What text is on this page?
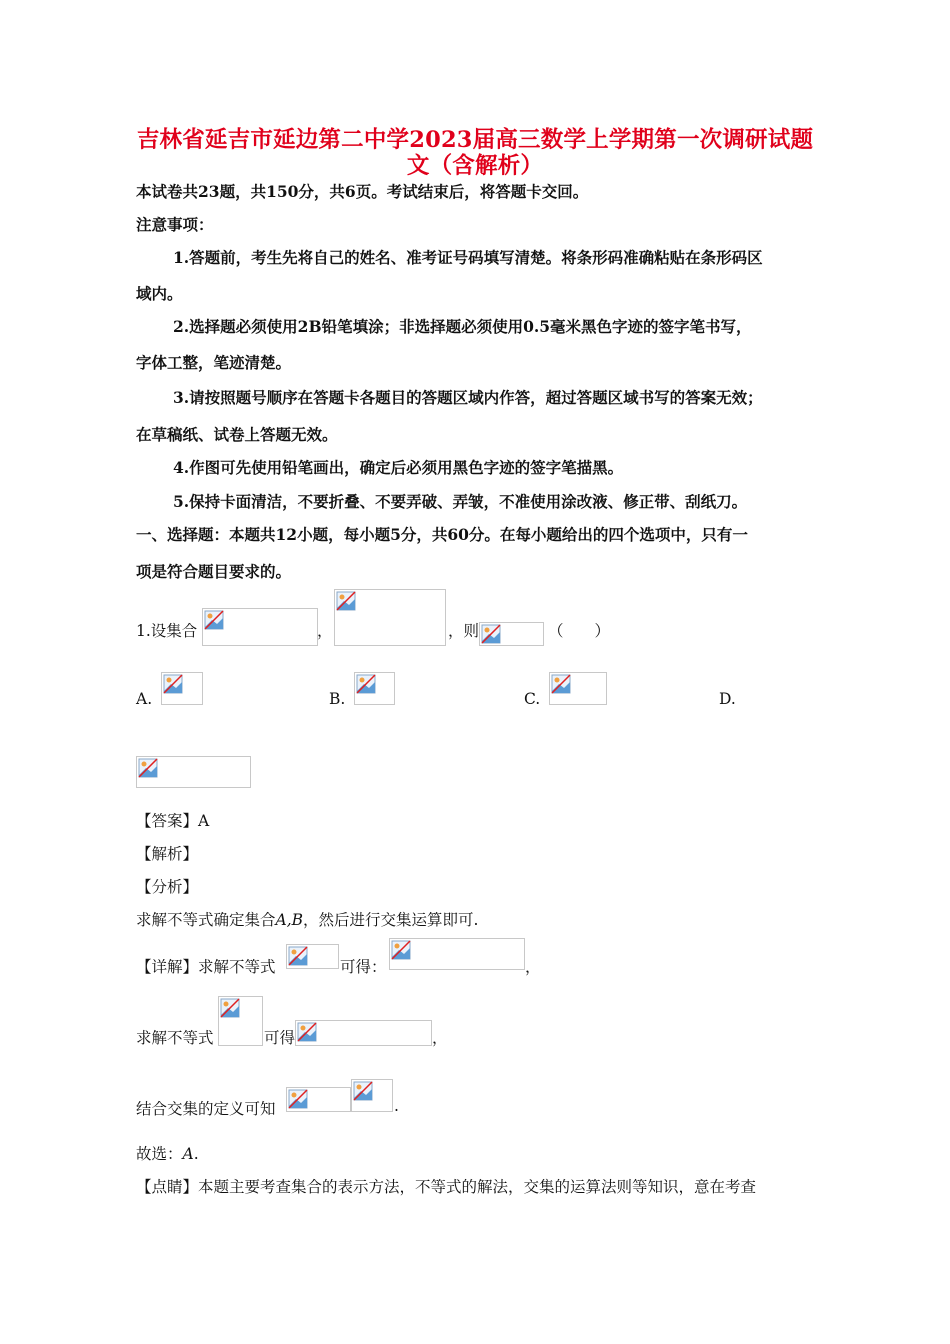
吉林省延吉市延边第二中学2023届高三数学上学期第一次调研试题
文（含解析）
本试卷共23题，共150分，共6页。考试结束后，将答题卡交回。
注意事项：
1.答题前，考生先将自己的姓名、准考证号码填写清楚。将条形码准确粘贴在条形码区
域内。
2.选择题必须使用2B铅笔填涂；非选择题必须使用0.5毫米黑色字迹的签字笔书写，
字体工整，笔迹清楚。
3.请按照题号顺序在答题卡各题目的答题区域内作答，超过答题区域书写的答案无效；
在草稿纸、试卷上答题无效。
4.作图可先使用铅笔画出，确定后必须用黑色字迹的签字笔描黑。
5.保持卡面清洁，不要折叠、不要弄破、弄皱，不准使用涂改液、修正带、刮纸刀。
一、选择题：本题共12小题，每小题5分，共60分。在每小题给出的四个选项中，只有一
项是符合题目要求的。
1.设集合	，	，则	（　　）
A.	B.	C.	D.
【答案】A
【解析】
【分析】
求解不等式确定集合A,B，然后进行交集运算即可.
【详解】求解不等式	可得：	，
求解不等式	可得	，
结合交集的定义可知	.
故选：A.
【点睛】本题主要考查集合的表示方法，不等式的解法，交集的运算法则等知识，意在考查
